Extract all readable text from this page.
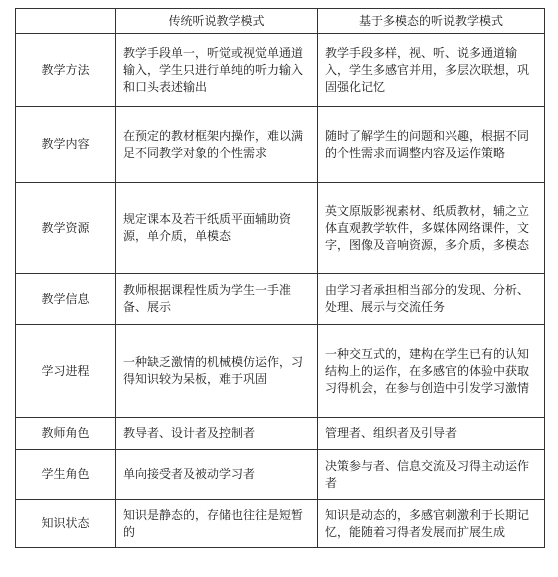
	传统听说教学模式	基于多模态的听说教学模式
教学方法	教学手段单一，听觉或视觉单通道输入，学生只进行单纯的听力输入和口头表述输出	教学手段多样，视、听、说多通道输入，学生多感官并用，多层次联想，巩固强化记忆
教学内容	在预定的教材框架内操作，难以满足不同教学对象的个性需求	随时了解学生的问题和兴趣，根据不同的个性需求而调整内容及运作策略
教学资源	规定课本及若干纸质平面辅助资源，单介质，单模态	英文原版影视素材、纸质教材，辅之立体直观教学软件，多媒体网络课件，文字，图像及音响资源，多介质，多模态
教学信息	教师根据课程性质为学生一手准备、展示	由学习者承担相当部分的发现、分析、处理、展示与交流任务
学习进程	一种缺乏激情的机械模仿运作，习得知识较为呆板，难于巩固	一种交互式的，建构在学生已有的认知结构上的运作，在多感官的体验中获取习得机会，在参与创造中引发学习激情
教师角色	教导者、设计者及控制者	管理者、组织者及引导者
学生角色	单向接受者及被动学习者	决策参与者、信息交流及习得主动运作者
知识状态	知识是静态的，存储也往往是短暂的	知识是动态的，多感官刺激利于长期记忆，能随着习得者发展而扩展生成
